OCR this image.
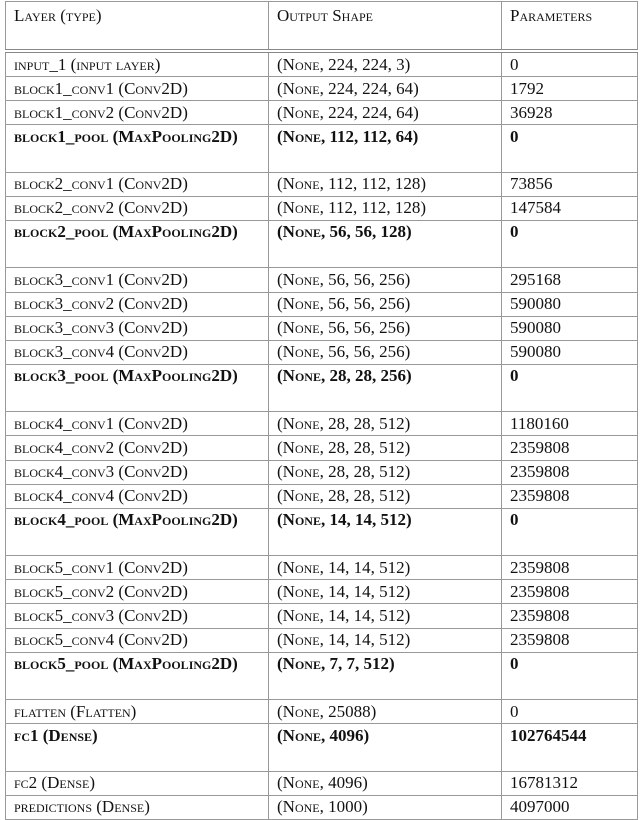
Layer (type)	Output Shape	Parameters
input_1 (input layer)	(None, 224, 224, 3)	0
block1_conv1 (Conv2D)	(None, 224, 224, 64)	1792
block1_conv2 (Conv2D)	(None, 224, 224, 64)	36928
block1_pool (MaxPooling2D)	(None, 112, 112, 64)	0
block2_conv1 (Conv2D)	(None, 112, 112, 128)	73856
block2_conv2 (Conv2D)	(None, 112, 112, 128)	147584
block2_pool (MaxPooling2D)	(None, 56, 56, 128)	0
block3_conv1 (Conv2D)	(None, 56, 56, 256)	295168
block3_conv2 (Conv2D)	(None, 56, 56, 256)	590080
block3_conv3 (Conv2D)	(None, 56, 56, 256)	590080
block3_conv4 (Conv2D)	(None, 56, 56, 256)	590080
block3_pool (MaxPooling2D)	(None, 28, 28, 256)	0
block4_conv1 (Conv2D)	(None, 28, 28, 512)	1180160
block4_conv2 (Conv2D)	(None, 28, 28, 512)	2359808
block4_conv3 (Conv2D)	(None, 28, 28, 512)	2359808
block4_conv4 (Conv2D)	(None, 28, 28, 512)	2359808
block4_pool (MaxPooling2D)	(None, 14, 14, 512)	0
block5_conv1 (Conv2D)	(None, 14, 14, 512)	2359808
block5_conv2 (Conv2D)	(None, 14, 14, 512)	2359808
block5_conv3 (Conv2D)	(None, 14, 14, 512)	2359808
block5_conv4 (Conv2D)	(None, 14, 14, 512)	2359808
block5_pool (MaxPooling2D)	(None, 7, 7, 512)	0
flatten (Flatten)	(None, 25088)	0
fc1 (Dense)	(None, 4096)	102764544
fc2 (Dense)	(None, 4096)	16781312
predictions (Dense)	(None, 1000)	4097000
